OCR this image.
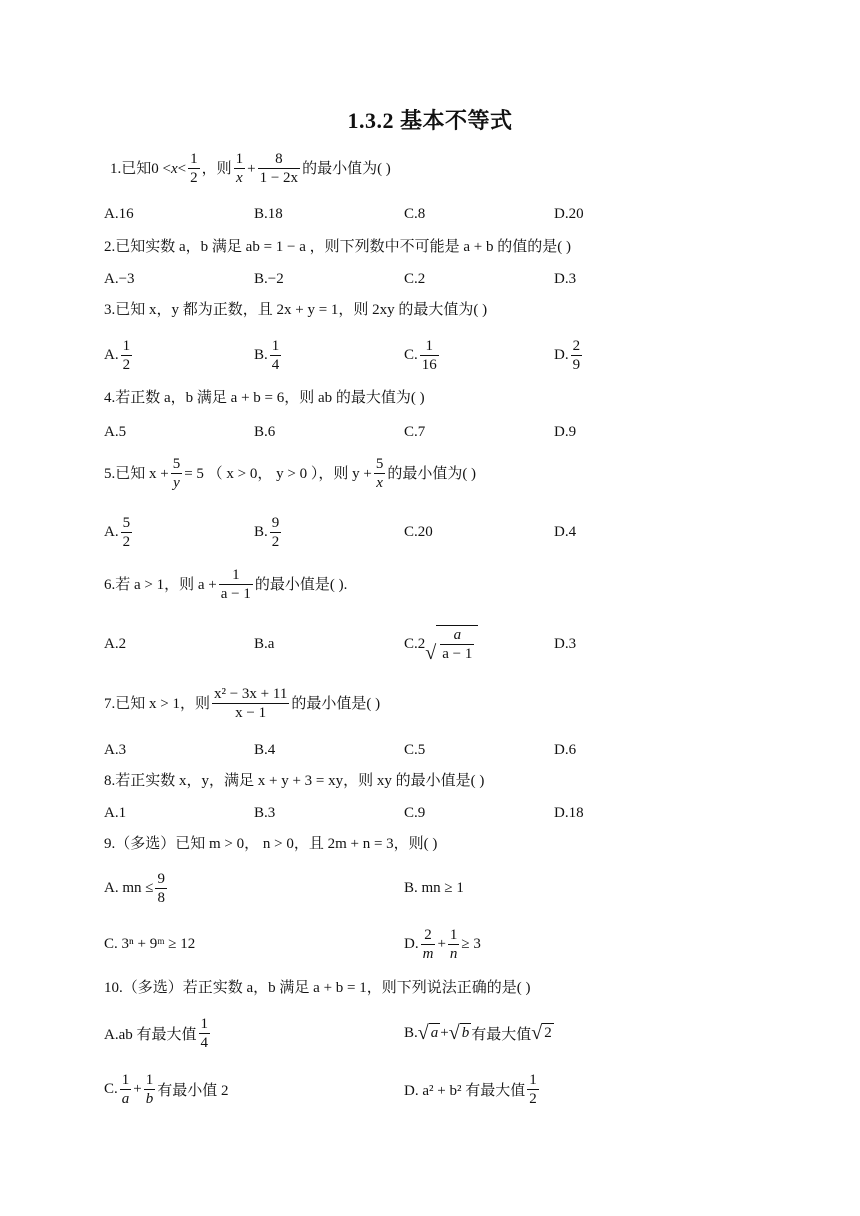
1.3.2 基本不等式
1.已知$0 < x < \frac{1}{2}$ ，则 $\frac{1}{x} + \frac{8}{1 - 2x}$ 的最小值为( )
A.16	B.18	C.8	D.20
2.已知实数 a，b 满足 ab = 1 − a ，则下列数中不可能是 a + b 的值的是( )
A.−3	B.−2	C.2	D.3
3.已知 x，y 都为正数，且 2x + y = 1，则 2xy 的最大值为( )
A. $\frac{1}{2}$	B. $\frac{1}{4}$	C. $\frac{1}{16}$	D. $\frac{2}{9}$
4.若正数 a，b 满足 a + b = 6，则 ab 的最大值为( )
A.5	B.6	C.7	D.9
5.已知 $x + \frac{5}{y} = 5$ （ x > 0， y > 0 ），则 $y + \frac{5}{x}$ 的最小值为( )
A. $\frac{5}{2}$	B. $\frac{9}{2}$	C.20	D.4
6.若 a > 1，则 $a + \frac{1}{a - 1}$ 的最小值是( ).
A.2	B.a	C.2 √ $\frac{a}{a - 1}$	D.3
7.已知 x > 1，则 $\frac{\text{x² − 3x + 11}}{x - 1}$ 的最小值是( )
A.3	B.4	C.5	D.6
8.若正实数 x，y，满足 x + y + 3 = xy，则 xy 的最小值是( )
A.1	B.3	C.9	D.18
9.（多选）已知 m > 0， n > 0，且 2m + n = 3，则( )
A. mn ≤ $\frac{9}{8}$	B. mn ≥ 1
C. 3ⁿ + 9ᵐ ≥ 12	D. $\frac{2}{m} + \frac{1}{n} \ge 3$
10.（多选）若正实数 a，b 满足 a + b = 1，则下列说法正确的是( )
A.ab 有最大值 $\frac{1}{4}$	B. √ a + √ b 有最大值 √ 2
C. $\frac{1}{a} + \frac{1}{b}$ 有最小值 2	D. a² + b² 有最大值 $\frac{1}{2}$
